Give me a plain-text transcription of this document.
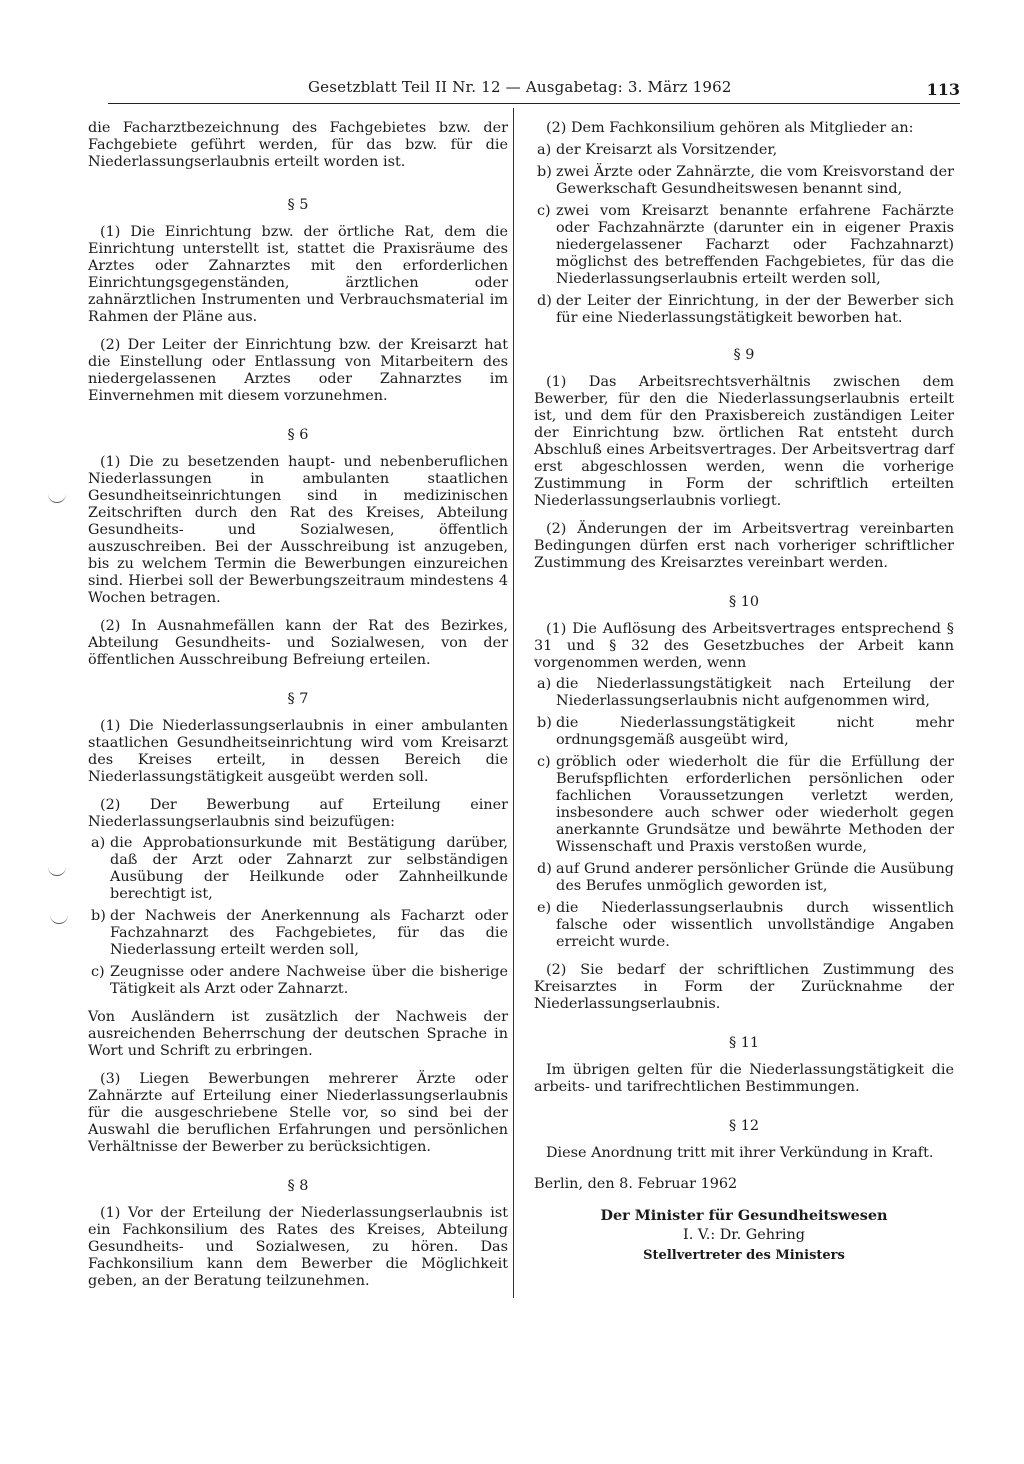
Gesetzblatt Teil II Nr. 12 — Ausgabetag: 3. März 1962	113

die Facharztbezeichnung des Fachgebietes bzw. der Fachgebiete geführt werden, für das bzw. für die Niederlassungserlaubnis erteilt worden ist.

§ 5

(1) Die Einrichtung bzw. der örtliche Rat, dem die Einrichtung unterstellt ist, stattet die Praxisräume des Arztes oder Zahnarztes mit den erforderlichen Einrichtungsgegenständen, ärztlichen oder zahnärztlichen Instrumenten und Verbrauchsmaterial im Rahmen der Pläne aus.

(2) Der Leiter der Einrichtung bzw. der Kreisarzt hat die Einstellung oder Entlassung von Mitarbeitern des niedergelassenen Arztes oder Zahnarztes im Einvernehmen mit diesem vorzunehmen.

§ 6

(1) Die zu besetzenden haupt- und nebenberuflichen Niederlassungen in ambulanten staatlichen Gesundheitseinrichtungen sind in medizinischen Zeitschriften durch den Rat des Kreises, Abteilung Gesundheits- und Sozialwesen, öffentlich auszuschreiben. Bei der Ausschreibung ist anzugeben, bis zu welchem Termin die Bewerbungen einzureichen sind. Hierbei soll der Bewerbungszeitraum mindestens 4 Wochen betragen.

(2) In Ausnahmefällen kann der Rat des Bezirkes, Abteilung Gesundheits- und Sozialwesen, von der öffentlichen Ausschreibung Befreiung erteilen.

§ 7

(1) Die Niederlassungserlaubnis in einer ambulanten staatlichen Gesundheitseinrichtung wird vom Kreisarzt des Kreises erteilt, in dessen Bereich die Niederlassungstätigkeit ausgeübt werden soll.

(2) Der Bewerbung auf Erteilung einer Niederlassungserlaubnis sind beizufügen:

a) die Approbationsurkunde mit Bestätigung darüber, daß der Arzt oder Zahnarzt zur selbständigen Ausübung der Heilkunde oder Zahnheilkunde berechtigt ist,
b) der Nachweis der Anerkennung als Facharzt oder Fachzahnarzt des Fachgebietes, für das die Niederlassung erteilt werden soll,
c) Zeugnisse oder andere Nachweise über die bisherige Tätigkeit als Arzt oder Zahnarzt.

Von Ausländern ist zusätzlich der Nachweis der ausreichenden Beherrschung der deutschen Sprache in Wort und Schrift zu erbringen.

(3) Liegen Bewerbungen mehrerer Ärzte oder Zahnärzte auf Erteilung einer Niederlassungserlaubnis für die ausgeschriebene Stelle vor, so sind bei der Auswahl die beruflichen Erfahrungen und persönlichen Verhältnisse der Bewerber zu berücksichtigen.

§ 8

(1) Vor der Erteilung der Niederlassungserlaubnis ist ein Fachkonsilium des Rates des Kreises, Abteilung Gesundheits- und Sozialwesen, zu hören. Das Fachkonsilium kann dem Bewerber die Möglichkeit geben, an der Beratung teilzunehmen.

(2) Dem Fachkonsilium gehören als Mitglieder an:

a) der Kreisarzt als Vorsitzender,
b) zwei Ärzte oder Zahnärzte, die vom Kreisvorstand der Gewerkschaft Gesundheitswesen benannt sind,
c) zwei vom Kreisarzt benannte erfahrene Fachärzte oder Fachzahnärzte (darunter ein in eigener Praxis niedergelassener Facharzt oder Fachzahnarzt) möglichst des betreffenden Fachgebietes, für das die Niederlassungserlaubnis erteilt werden soll,
d) der Leiter der Einrichtung, in der der Bewerber sich für eine Niederlassungstätigkeit beworben hat.

§ 9

(1) Das Arbeitsrechtsverhältnis zwischen dem Bewerber, für den die Niederlassungserlaubnis erteilt ist, und dem für den Praxisbereich zuständigen Leiter der Einrichtung bzw. örtlichen Rat entsteht durch Abschluß eines Arbeitsvertrages. Der Arbeitsvertrag darf erst abgeschlossen werden, wenn die vorherige Zustimmung in Form der schriftlich erteilten Niederlassungserlaubnis vorliegt.

(2) Änderungen der im Arbeitsvertrag vereinbarten Bedingungen dürfen erst nach vorheriger schriftlicher Zustimmung des Kreisarztes vereinbart werden.

§ 10

(1) Die Auflösung des Arbeitsvertrages entsprechend § 31 und § 32 des Gesetzbuches der Arbeit kann vorgenommen werden, wenn

a) die Niederlassungstätigkeit nach Erteilung der Niederlassungserlaubnis nicht aufgenommen wird,
b) die Niederlassungstätigkeit nicht mehr ordnungsgemäß ausgeübt wird,
c) gröblich oder wiederholt die für die Erfüllung der Berufspflichten erforderlichen persönlichen oder fachlichen Voraussetzungen verletzt werden, insbesondere auch schwer oder wiederholt gegen anerkannte Grundsätze und bewährte Methoden der Wissenschaft und Praxis verstoßen wurde,
d) auf Grund anderer persönlicher Gründe die Ausübung des Berufes unmöglich geworden ist,
e) die Niederlassungserlaubnis durch wissentlich falsche oder wissentlich unvollständige Angaben erreicht wurde.

(2) Sie bedarf der schriftlichen Zustimmung des Kreisarztes in Form der Zurücknahme der Niederlassungserlaubnis.

§ 11

Im übrigen gelten für die Niederlassungstätigkeit die arbeits- und tarifrechtlichen Bestimmungen.

§ 12

Diese Anordnung tritt mit ihrer Verkündung in Kraft.

Berlin, den 8. Februar 1962

Der Minister für Gesundheitswesen

I. V.: Dr. Gehring

Stellvertreter des Ministers
